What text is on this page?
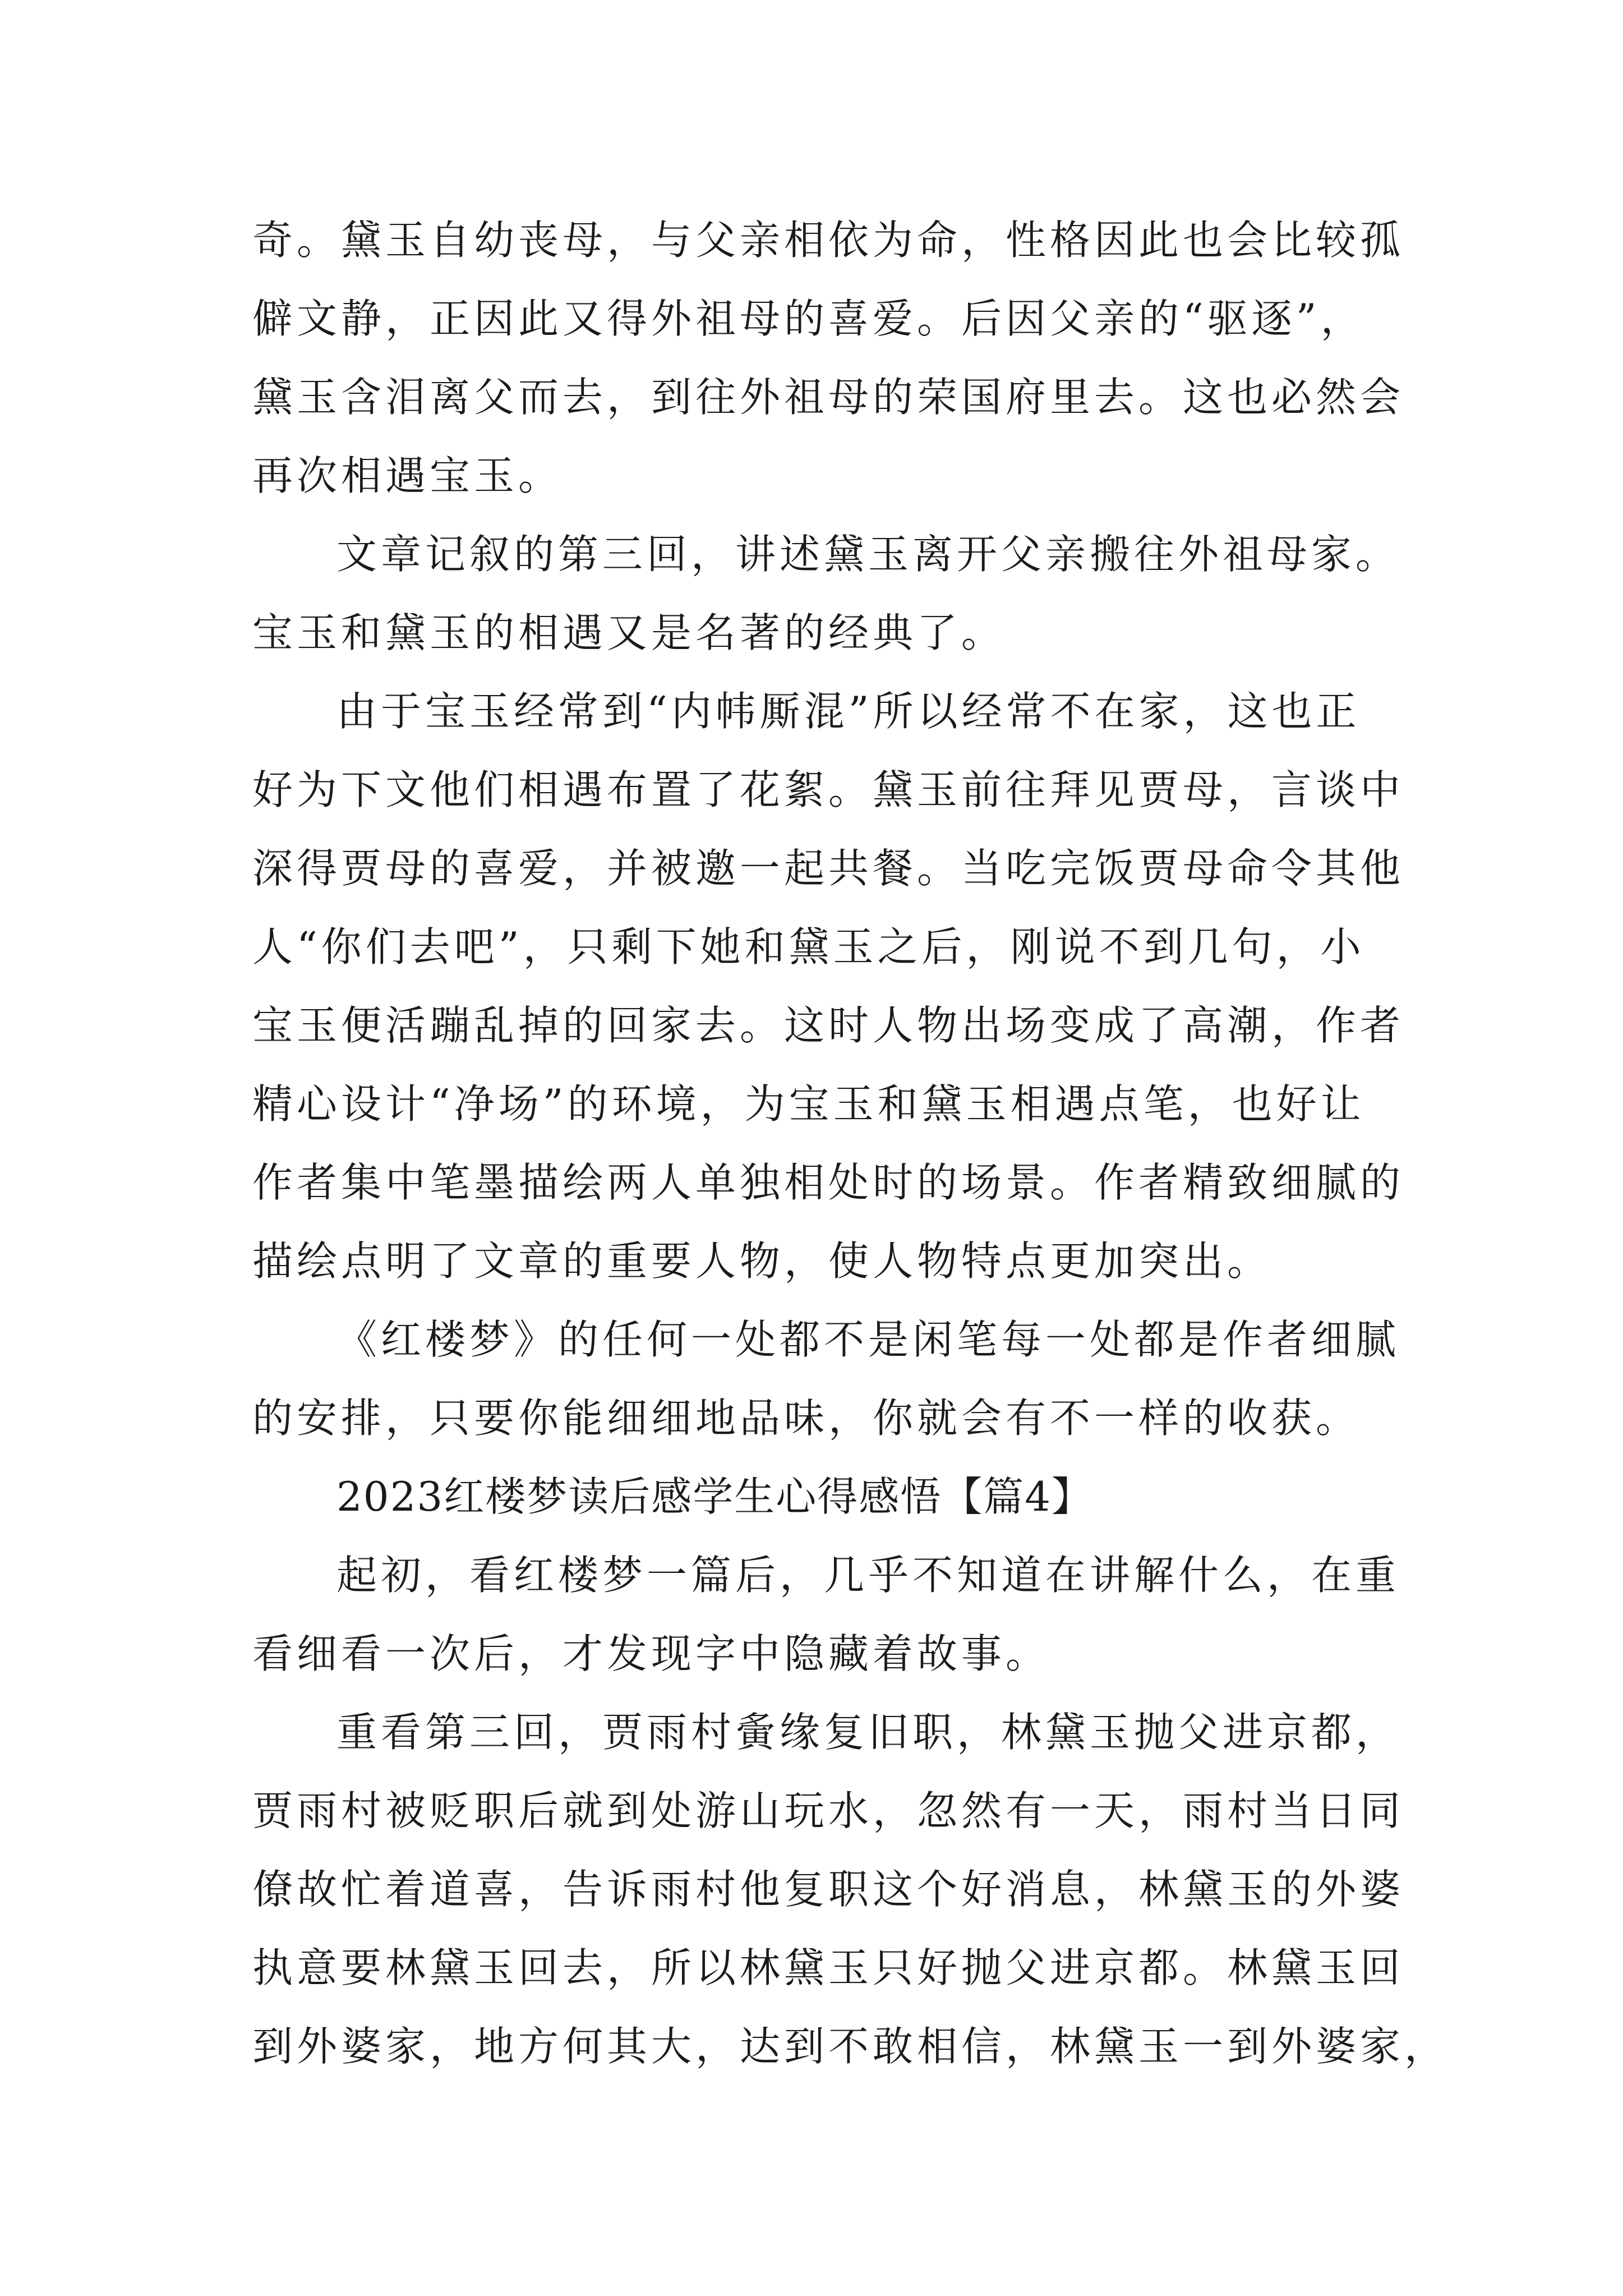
奇。黛玉自幼丧母，与父亲相依为命，性格因此也会比较孤
僻文静，正因此又得外祖母的喜爱。后因父亲的“驱逐”，
黛玉含泪离父而去，到往外祖母的荣国府里去。这也必然会
再次相遇宝玉。
文章记叙的第三回，讲述黛玉离开父亲搬往外祖母家。
宝玉和黛玉的相遇又是名著的经典了。
由于宝玉经常到“内帏厮混”所以经常不在家，这也正
好为下文他们相遇布置了花絮。黛玉前往拜见贾母，言谈中
深得贾母的喜爱，并被邀一起共餐。当吃完饭贾母命令其他
人“你们去吧”，只剩下她和黛玉之后，刚说不到几句，小
宝玉便活蹦乱掉的回家去。这时人物出场变成了高潮，作者
精心设计“净场”的环境，为宝玉和黛玉相遇点笔，也好让
作者集中笔墨描绘两人单独相处时的场景。作者精致细腻的
描绘点明了文章的重要人物，使人物特点更加突出。
《红楼梦》的任何一处都不是闲笔每一处都是作者细腻
的安排，只要你能细细地品味，你就会有不一样的收获。
2023红楼梦读后感学生心得感悟【篇4】
起初，看红楼梦一篇后，几乎不知道在讲解什么，在重
看细看一次后，才发现字中隐藏着故事。
重看第三回，贾雨村夤缘复旧职，林黛玉抛父进京都，
贾雨村被贬职后就到处游山玩水，忽然有一天，雨村当日同
僚故忙着道喜，告诉雨村他复职这个好消息，林黛玉的外婆
执意要林黛玉回去，所以林黛玉只好抛父进京都。林黛玉回
到外婆家，地方何其大，达到不敢相信，林黛玉一到外婆家，
